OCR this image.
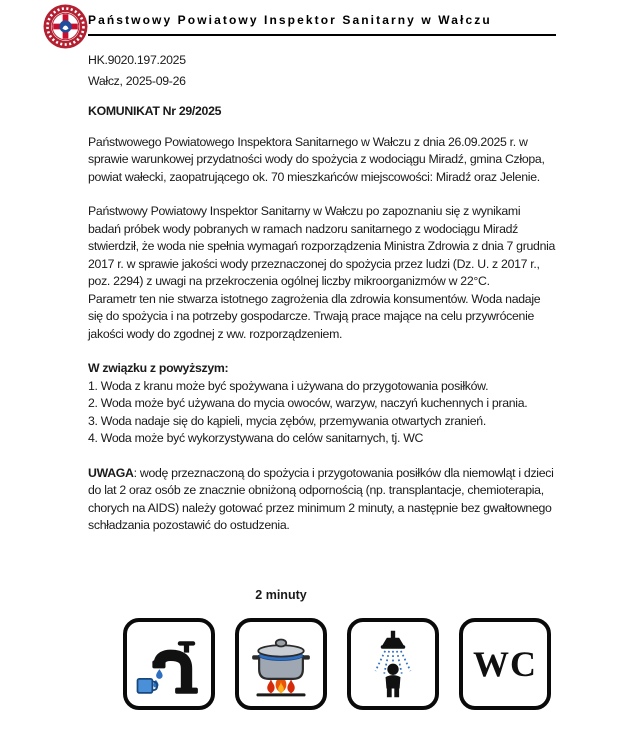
Państwowy Powiatowy Inspektor Sanitarny w Wałczu
HK.9020.197.2025
Wałcz, 2025-09-26
KOMUNIKAT Nr 29/2025

Państwowego Powiatowego Inspektora Sanitarnego w Wałczu z dnia 26.09.2025 r. w sprawie warunkowej przydatności wody do spożycia z wodociągu Miradź, gmina Człopa, powiat wałecki, zaopatrującego ok. 70 mieszkańców miejscowości: Miradź oraz Jelenie.

Państwowy Powiatowy Inspektor Sanitarny w Wałczu po zapoznaniu się z wynikami badań próbek wody pobranych w ramach nadzoru sanitarnego z wodociągu Miradź stwierdził, że woda nie spełnia wymagań rozporządzenia Ministra Zdrowia z dnia 7 grudnia 2017 r. w sprawie jakości wody przeznaczonej do spożycia przez ludzi (Dz. U. z 2017 r., poz. 2294) z uwagi na przekroczenia ogólnej liczby mikroorganizmów w 22°C.

Parametr ten nie stwarza istotnego zagrożenia dla zdrowia konsumentów. Woda nadaje się do spożycia i na potrzeby gospodarcze. Trwają prace mające na celu przywrócenie jakości wody do zgodnej z ww. rozporządzeniem.

W związku z powyższym:
1. Woda z kranu może być spożywana i używana do przygotowania posiłków.
2. Woda może być używana do mycia owoców, warzyw, naczyń kuchennych i prania.
3. Woda nadaje się do kąpieli, mycia zębów, przemywania otwartych zranień.
4. Woda może być wykorzystywana do celów sanitarnych, tj. WC

UWAGA: wodę przeznaczoną do spożycia i przygotowania posiłków dla niemowląt i dzieci do lat 2 oraz osób ze znacznie obniżoną odpornością (np. transplantacje, chemioterapia, chorych na AIDS) należy gotować przez minimum 2 minuty, a następnie bez gwałtownego schładzania pozostawić do ostudzenia.

2 minuty
WC
